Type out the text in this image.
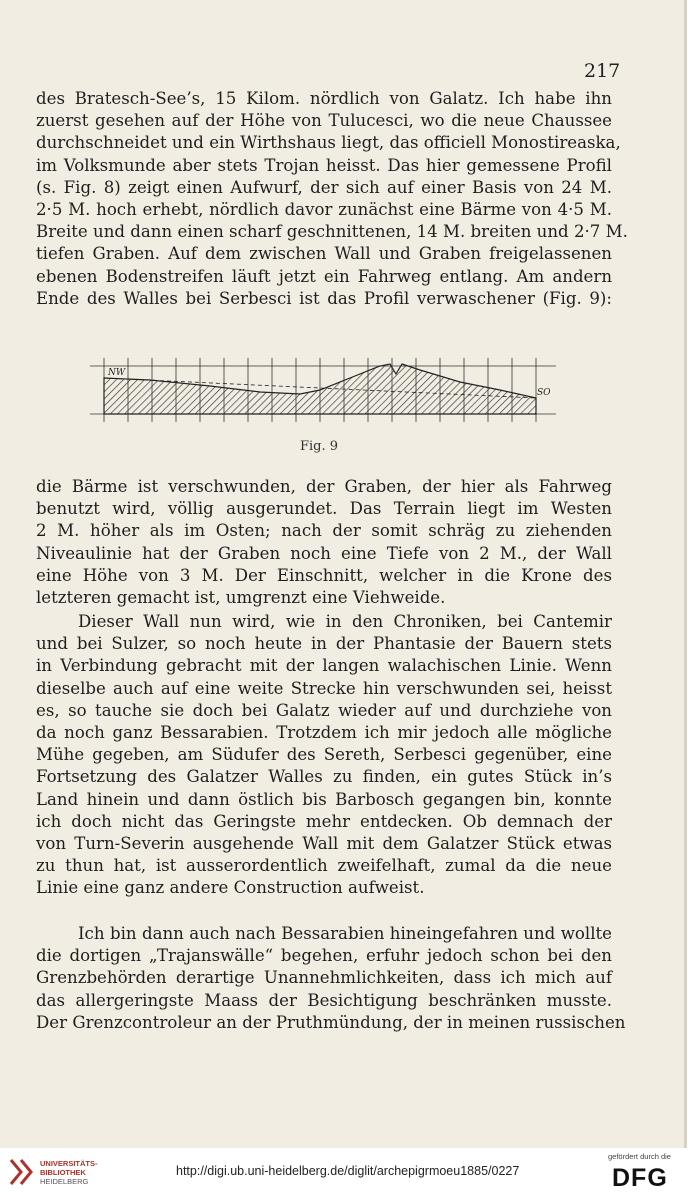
217
des Bratesch-See’s, 15 Kilom. nördlich von Galatz. Ich habe ihn
zuerst gesehen auf der Höhe von Tulucesci, wo die neue Chaussee
durchschneidet und ein Wirthshaus liegt, das officiell Monostireaska,
im Volksmunde aber stets Trojan heisst. Das hier gemessene Profil
(s. Fig. 8) zeigt einen Aufwurf, der sich auf einer Basis von 24 M.
2·5 M. hoch erhebt, nördlich davor zunächst eine Bärme von 4·5 M.
Breite und dann einen scharf geschnittenen, 14 M. breiten und 2·7 M.
tiefen Graben. Auf dem zwischen Wall und Graben freigelassenen
ebenen Bodenstreifen läuft jetzt ein Fahrweg entlang. Am andern
Ende des Walles bei Serbesci ist das Profil verwaschener (Fig. 9):
NW
SO
Fig. 9
die Bärme ist verschwunden, der Graben, der hier als Fahrweg
benutzt wird, völlig ausgerundet. Das Terrain liegt im Westen
2 M. höher als im Osten; nach der somit schräg zu ziehenden
Niveaulinie hat der Graben noch eine Tiefe von 2 M., der Wall
eine Höhe von 3 M. Der Einschnitt, welcher in die Krone des
letzteren gemacht ist, umgrenzt eine Viehweide.
Dieser Wall nun wird, wie in den Chroniken, bei Cantemir
und bei Sulzer, so noch heute in der Phantasie der Bauern stets
in Verbindung gebracht mit der langen walachischen Linie. Wenn
dieselbe auch auf eine weite Strecke hin verschwunden sei, heisst
es, so tauche sie doch bei Galatz wieder auf und durchziehe von
da noch ganz Bessarabien. Trotzdem ich mir jedoch alle mögliche
Mühe gegeben, am Südufer des Sereth, Serbesci gegenüber, eine
Fortsetzung des Galatzer Walles zu finden, ein gutes Stück in’s
Land hinein und dann östlich bis Barbosch gegangen bin, konnte
ich doch nicht das Geringste mehr entdecken. Ob demnach der
von Turn-Severin ausgehende Wall mit dem Galatzer Stück etwas
zu thun hat, ist ausserordentlich zweifelhaft, zumal da die neue
Linie eine ganz andere Construction aufweist.
Ich bin dann auch nach Bessarabien hineingefahren und wollte
die dortigen „Trajanswälle“ begehen, erfuhr jedoch schon bei den
Grenzbehörden derartige Unannehmlichkeiten, dass ich mich auf
das allergeringste Maass der Besichtigung beschränken musste.
Der Grenzcontroleur an der Pruthmündung, der in meinen russischen
UNIVERSITÄTS-
BIBLIOTHEK
HEIDELBERG
http://digi.ub.uni-heidelberg.de/diglit/archepigrmoeu1885/0227
gefördert durch die
DFG
